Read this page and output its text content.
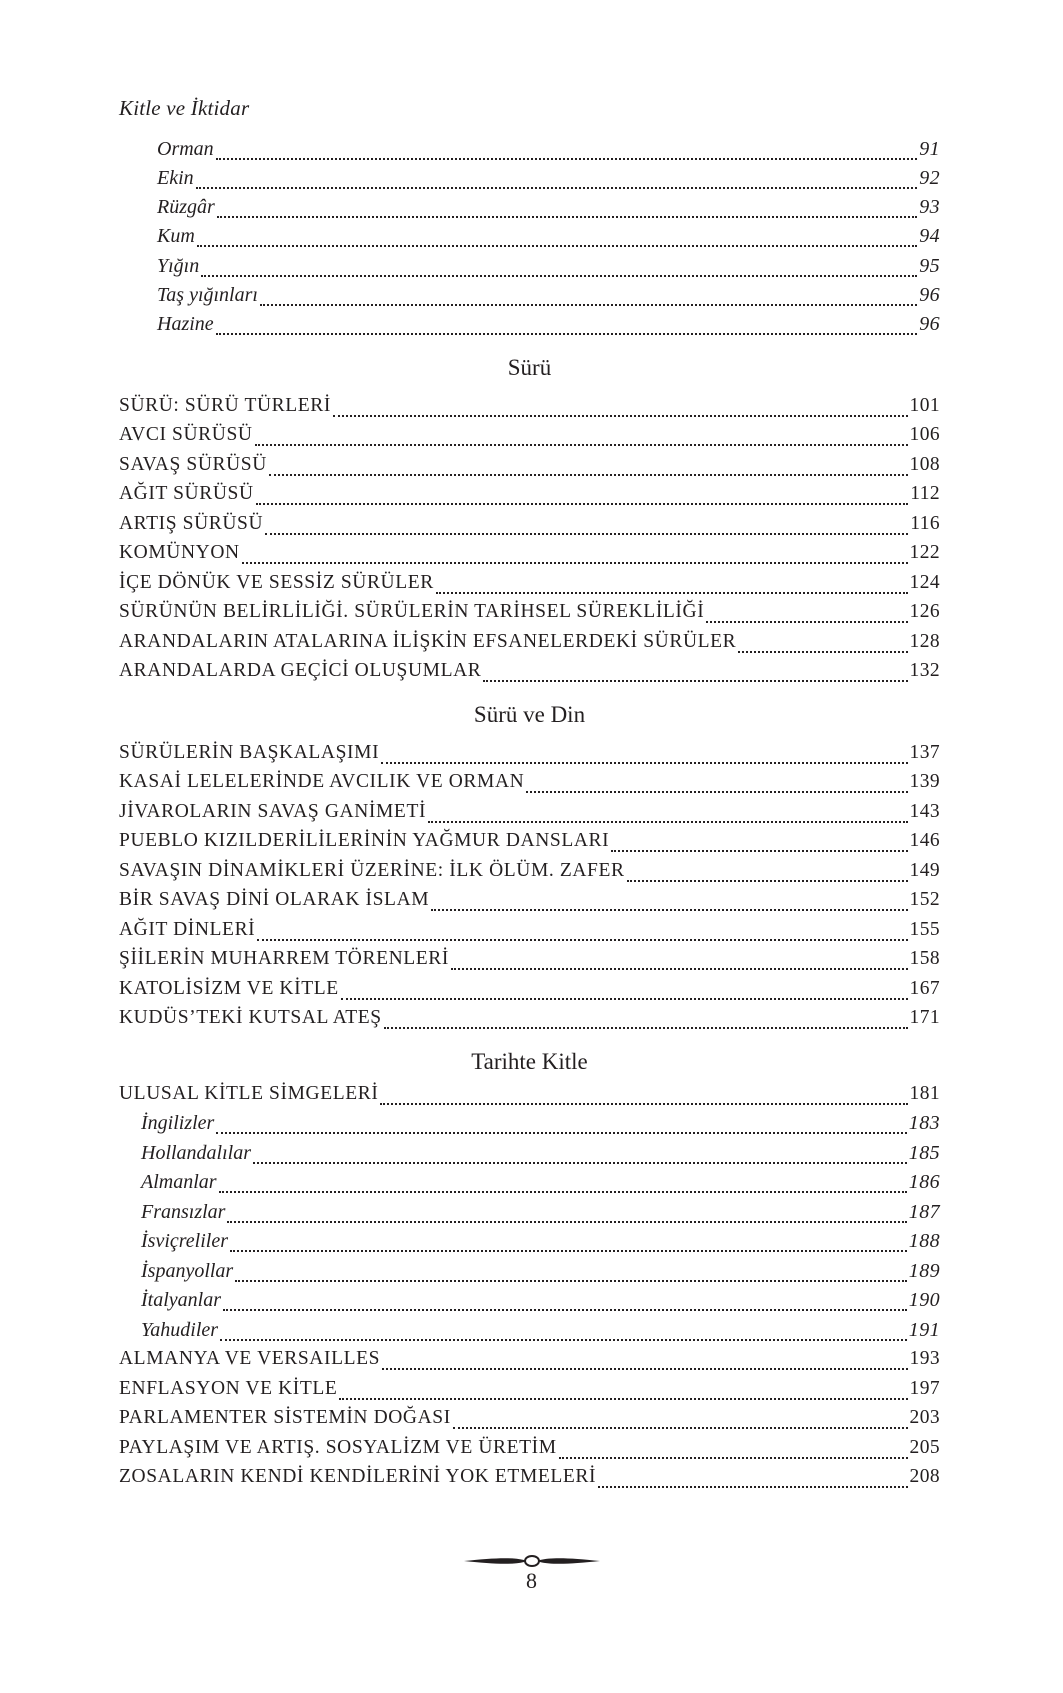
Kitle ve İktidar
Orman	91
Ekin	92
Rüzgâr	93
Kum	94
Yığın	95
Taş yığınları	96
Hazine	96
Sürü
SÜRÜ: SÜRÜ TÜRLERİ	101
AVCI SÜRÜSÜ	106
SAVAŞ SÜRÜSÜ	108
AĞIT SÜRÜSÜ	112
ARTIŞ SÜRÜSÜ	116
KOMÜNYON	122
İÇE DÖNÜK VE SESSİZ SÜRÜLER	124
SÜRÜNÜN BELİRLİLİĞİ. SÜRÜLERİN TARİHSEL SÜREKLİLİĞİ	126
ARANDALARIN ATALARINA İLİŞKİN EFSANELERDEKİ SÜRÜLER	128
ARANDALARDA GEÇİCİ OLUŞUMLAR	132
Sürü ve Din
SÜRÜLERİN BAŞKALAŞIMI	137
KASAİ LELELERİNDE AVCILIK VE ORMAN	139
JİVAROLARIN SAVAŞ GANİMETİ	143
PUEBLO KIZILDERİLİLERİNİN YAĞMUR DANSLARI	146
SAVAŞIN DİNAMİKLERİ ÜZERİNE: İLK ÖLÜM. ZAFER	149
BİR SAVAŞ DİNİ OLARAK İSLAM	152
AĞIT DİNLERİ	155
ŞİİLERİN MUHARREM TÖRENLERİ	158
KATOLİSİZM VE KİTLE	167
KUDÜS’TEKİ KUTSAL ATEŞ	171
Tarihte Kitle
ULUSAL KİTLE SİMGELERİ	181
İngilizler	183
Hollandalılar	185
Almanlar	186
Fransızlar	187
İsviçreliler	188
İspanyollar	189
İtalyanlar	190
Yahudiler	191
ALMANYA VE VERSAILLES	193
ENFLASYON VE KİTLE	197
PARLAMENTER SİSTEMİN DOĞASI	203
PAYLAŞIM VE ARTIŞ. SOSYALİZM VE ÜRETİM	205
ZOSALARIN KENDİ KENDİLERİNİ YOK ETMELERİ	208
8
